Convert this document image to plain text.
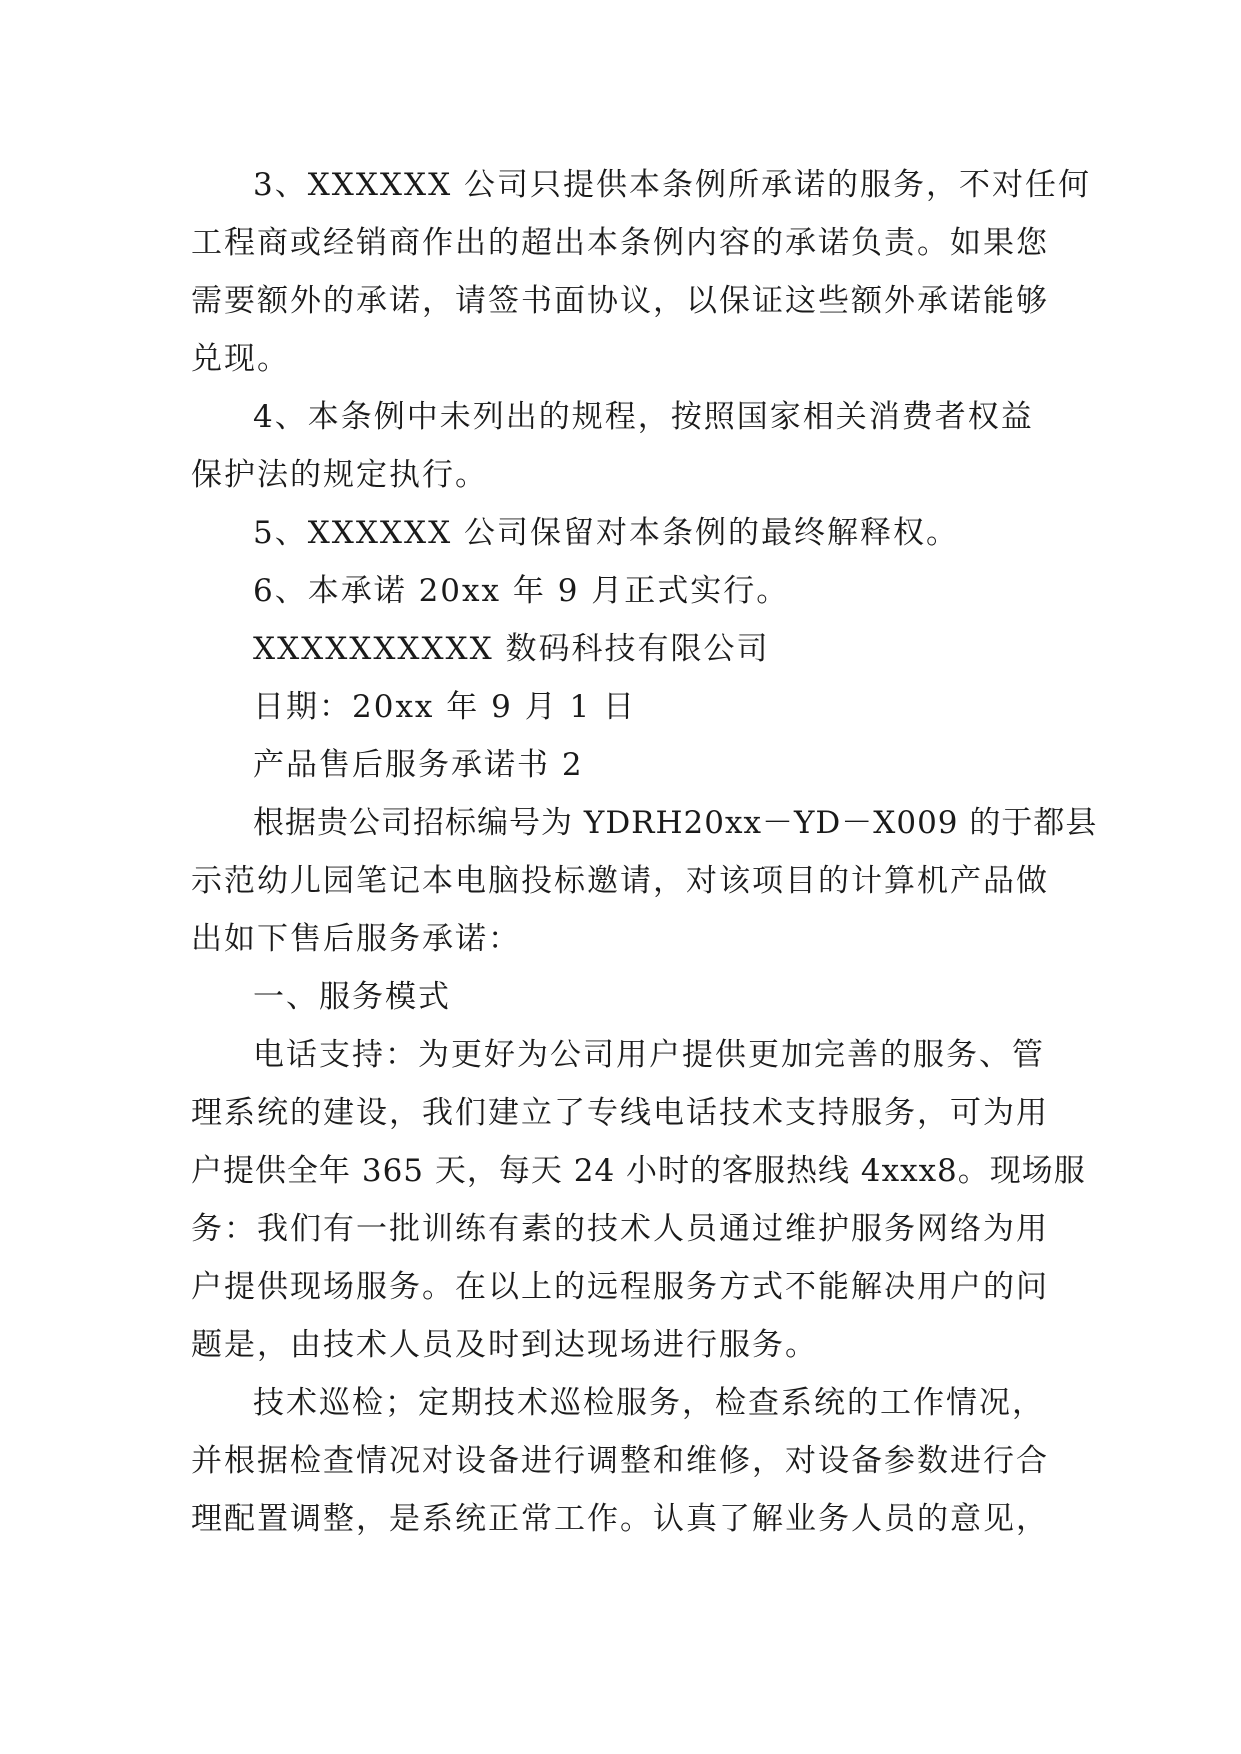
3、XXXXXX 公司只提供本条例所承诺的服务，不对任何
工程商或经销商作出的超出本条例内容的承诺负责。如果您
需要额外的承诺，请签书面协议，以保证这些额外承诺能够
兑现。
4、本条例中未列出的规程，按照国家相关消费者权益
保护法的规定执行。
5、XXXXXX 公司保留对本条例的最终解释权。
6、本承诺 20xx 年 9 月正式实行。
XXXXXXXXXX 数码科技有限公司
日期：20xx 年 9 月 1 日
产品售后服务承诺书 2
根据贵公司招标编号为 YDRH20xx－YD－X009 的于都县
示范幼儿园笔记本电脑投标邀请，对该项目的计算机产品做
出如下售后服务承诺：
一、服务模式
电话支持：为更好为公司用户提供更加完善的服务、管
理系统的建设，我们建立了专线电话技术支持服务，可为用
户提供全年 365 天，每天 24 小时的客服热线 4xxx8。现场服
务：我们有一批训练有素的技术人员通过维护服务网络为用
户提供现场服务。在以上的远程服务方式不能解决用户的问
题是，由技术人员及时到达现场进行服务。
技术巡检；定期技术巡检服务，检查系统的工作情况，
并根据检查情况对设备进行调整和维修，对设备参数进行合
理配置调整，是系统正常工作。认真了解业务人员的意见，
